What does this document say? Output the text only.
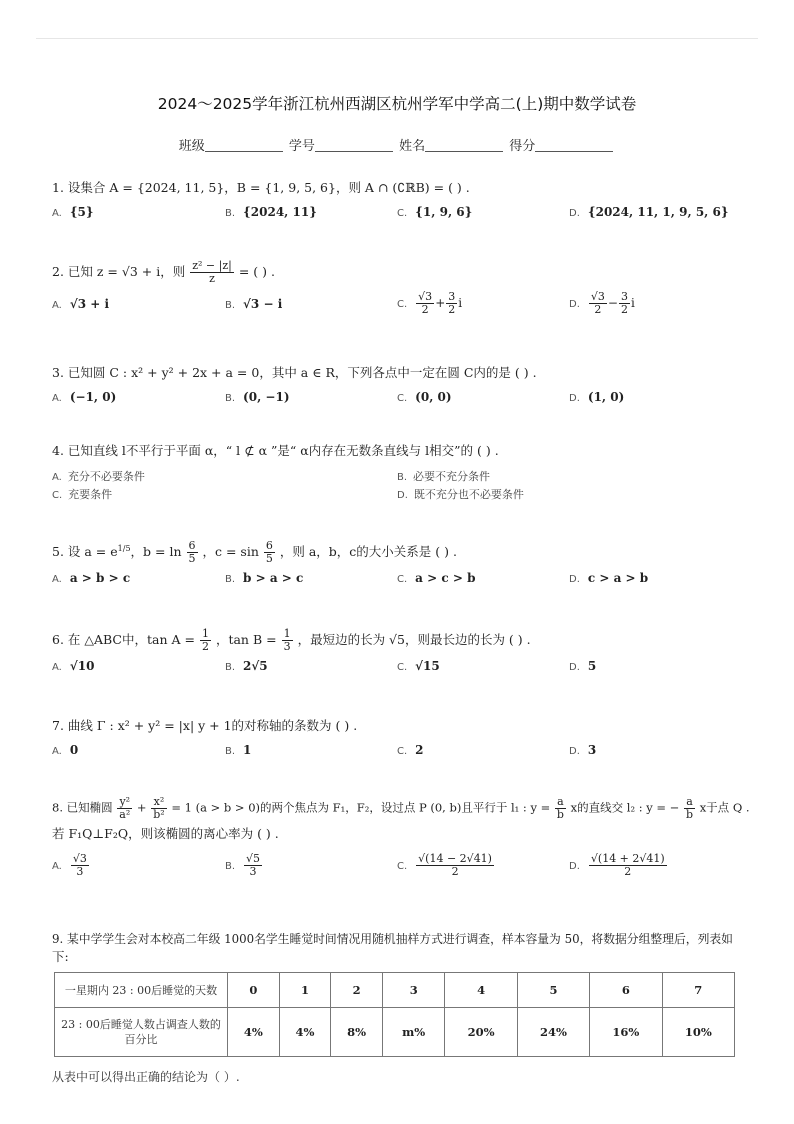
2024～2025学年浙江杭州西湖区杭州学军中学高二(上)期中数学试卷
班级	学号	姓名	得分
1. 设集合 A = {2024, 11, 5}，B = {1, 9, 5, 6}，则 A ∩ (∁ℝB) = ( ) .
A. {5}	B. {2024, 11}	C. {1, 9, 6}	D. {2024, 11, 1, 9, 5, 6}
2. 已知 z = √3 + i，则 $\frac{\text{z² − |z|}}{z}$ = ( ) .
A. √3 + i	B. √3 − i	C. $\frac{√3}{2} + \frac{3}{2}$ i	D. $\frac{√3}{2} - \frac{3}{2}$ i
3. 已知圆 C : x² + y² + 2x + a = 0，其中 a ∈ R，下列各点中一定在圆 C内的是 ( ) .
A. (−1, 0)	B. (0, −1)	C. (0, 0)	D. (1, 0)
4. 已知直线 l不平行于平面 α，“ l ⊄ α ”是“ α内存在无数条直线与 l相交”的 ( ) .
A. 充分不必要条件	B. 必要不充分条件
C. 充要条件	D. 既不充分也不必要条件
5. 设 $a = e^{1/5}$，$b = \ln \frac{6}{5}$ ，$c = \sin \frac{6}{5}$ ，则 a，b，c的大小关系是 ( ) .
A. a > b > c	B. b > a > c	C. a > c > b	D. c > a > b
6. 在 △ABC中，$\tan A = \frac{1}{2}$ ，$\tan B = \frac{1}{3}$ ，最短边的长为 √5，则最长边的长为 ( ) .
A. √10	B. 2√5	C. √15	D. 5
7. 曲线 Γ : x² + y² = |x| y + 1的对称轴的条数为 ( ) .
A. 0	B. 1	C. 2	D. 3
8. 已知椭圆 $\frac{\text{y²}}{\text{a²}} + \frac{\text{x²}}{\text{b²}} = 1$ (a > b > 0)的两个焦点为 F₁，F₂，设过点 P (0, b)且平行于 l₁ : $y = \frac{a}{b}$ x的直线交 l₂ : y = − $\frac{a}{b}$ x于点 Q .
若 F₁Q⊥F₂Q，则该椭圆的离心率为 ( ) .
A. $\frac{√3}{3}$	B. $\frac{√5}{3}$	C. $\frac{√(14 - 2√41)}{2}$	D. $\frac{√(14 + 2√41)}{2}$
9. 某中学学生会对本校高二年级 1000名学生睡觉时间情况用随机抽样方式进行调查，样本容量为 50，将数据分组整理后，列表如
下:
一星期内 23 : 00后睡觉的天数	0	1	2	3	4	5	6	7
23 : 00后睡觉人数占调查人数的百分比	4%	4%	8%	m%	20%	24%	16%	10%
从表中可以得出正确的结论为（ ）.
